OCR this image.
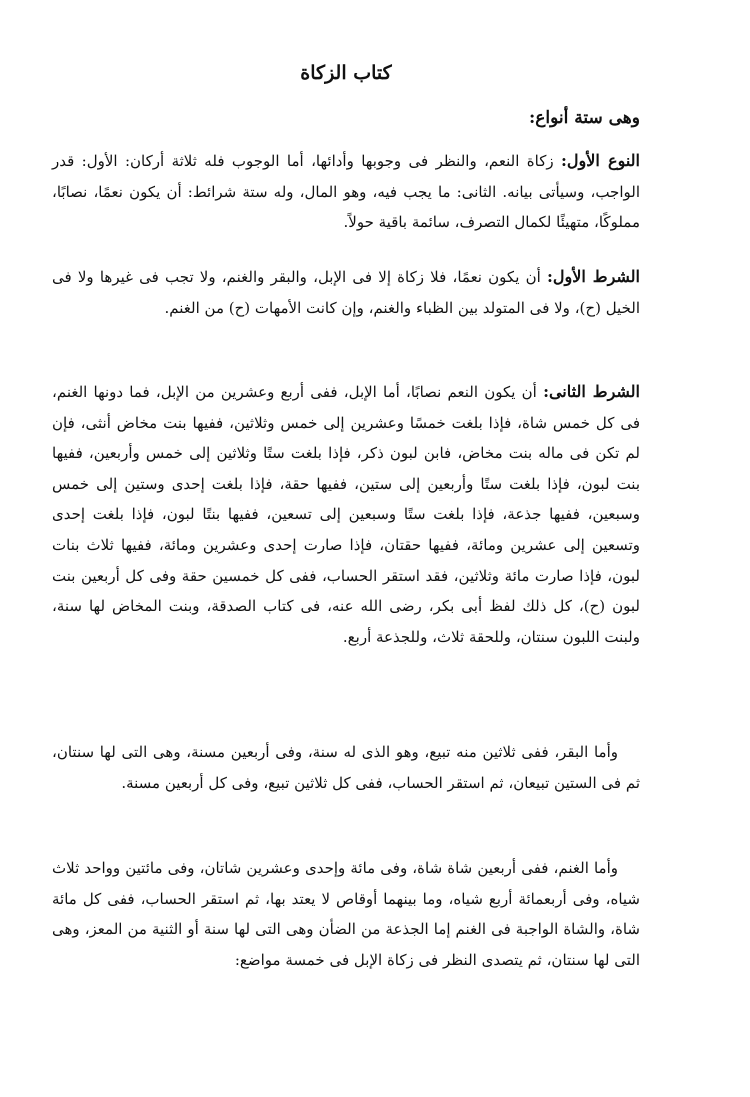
كتاب الزكاة
وهى ستة أنواع:

النوع الأول: زكاة النعم، والنظر فى وجوبها وأدائها، أما الوجوب فله ثلاثة أركان: الأول: قدر الواجب، وسيأتى بيانه. الثانى: ما يجب فيه، وهو المال، وله ستة شرائط: أن يكون نعمًا، نصابًا، مملوكًا، متهيئًا لكمال التصرف، سائمة باقية حولاً.

الشرط الأول: أن يكون نعمًا، فلا زكاة إلا فى الإبل، والبقر والغنم، ولا تجب فى غيرها ولا فى الخيل (ح)، ولا فى المتولد بين الظباء والغنم، وإن كانت الأمهات (ح) من الغنم.

الشرط الثانى: أن يكون النعم نصابًا، أما الإبل، ففى أربع وعشرين من الإبل، فما دونها الغنم، فى كل خمس شاة، فإذا بلغت خمسًا وعشرين إلى خمس وثلاثين، ففيها بنت مخاض أنثى، فإن لم تكن فى ماله بنت مخاض، فابن لبون ذكر، فإذا بلغت ستًا وثلاثين إلى خمس وأربعين، ففيها بنت لبون، فإذا بلغت ستًا وأربعين إلى ستين، ففيها حقة، فإذا بلغت إحدى وستين إلى خمس وسبعين، ففيها جذعة، فإذا بلغت ستًا وسبعين إلى تسعين، ففيها بنتًا لبون، فإذا بلغت إحدى وتسعين إلى عشرين ومائة، ففيها حقتان، فإذا صارت إحدى وعشرين ومائة، ففيها ثلاث بنات لبون، فإذا صارت مائة وثلاثين، فقد استقر الحساب، ففى كل خمسين حقة وفى كل أربعين بنت لبون (ح)، كل ذلك لفظ أبى بكر، رضى الله عنه، فى كتاب الصدقة، وبنت المخاض لها سنة، ولبنت اللبون سنتان، وللحقة ثلاث، وللجذعة أربع.

وأما البقر، ففى ثلاثين منه تبيع، وهو الذى له سنة، وفى أربعين مسنة، وهى التى لها سنتان، ثم فى الستين تبيعان، ثم استقر الحساب، ففى كل ثلاثين تبيع، وفى كل أربعين مسنة.

وأما الغنم، ففى أربعين شاة شاة، وفى مائة وإحدى وعشرين شاتان، وفى مائتين وواحد ثلاث شياه، وفى أربعمائة أربع شياه، وما بينهما أوقاص لا يعتد بها، ثم استقر الحساب، ففى كل مائة شاة، والشاة الواجبة فى الغنم إما الجذعة من الضأن وهى التى لها سنة أو الثنية من المعز، وهى التى لها سنتان، ثم يتصدى النظر فى زكاة الإبل فى خمسة مواضع:
